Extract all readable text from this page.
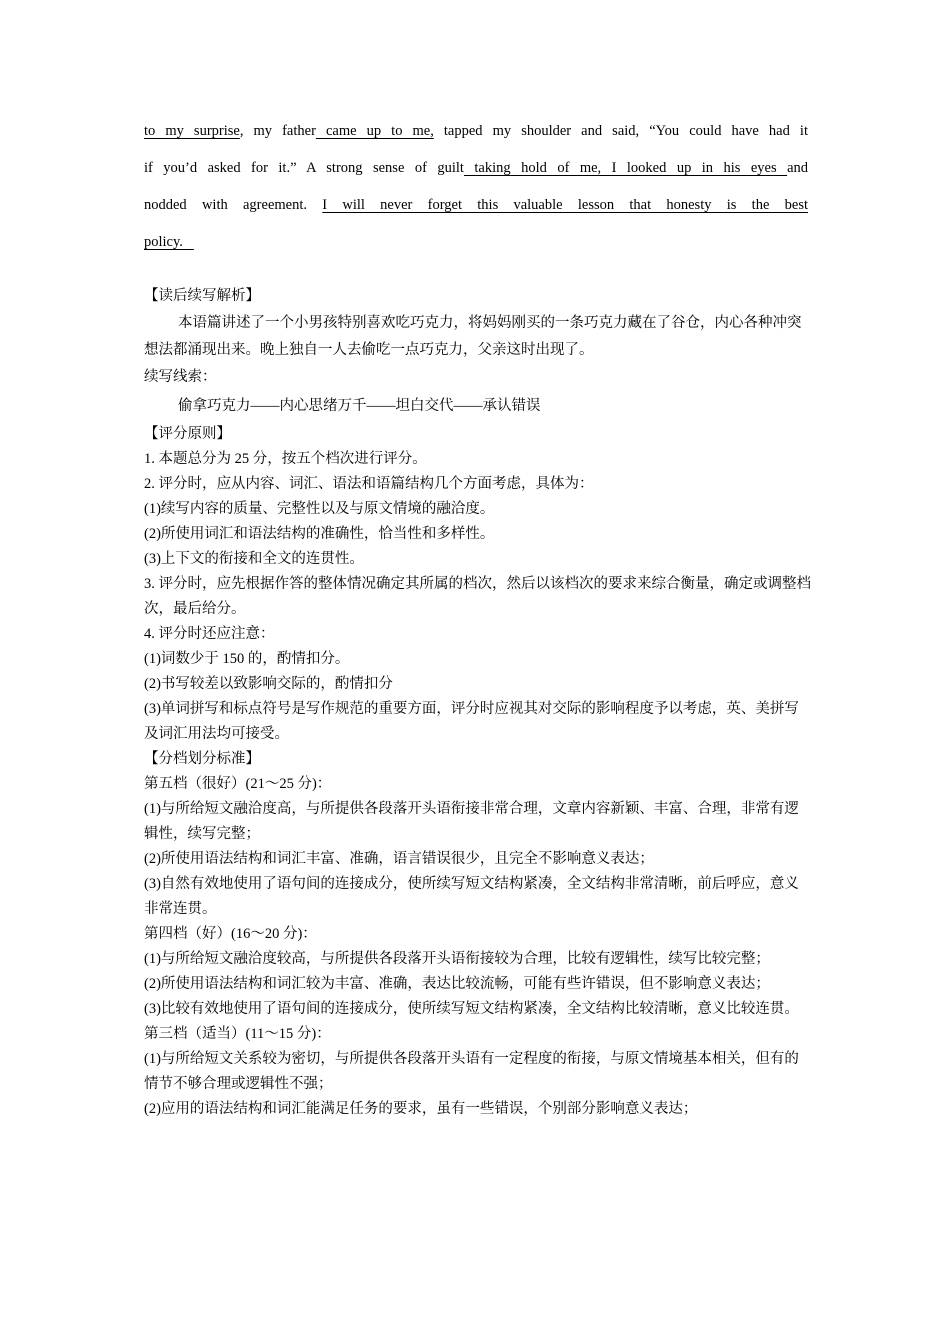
to my surprise, my father came up to me, tapped my shoulder and said, “You could have had it
if you’d asked for it.” A strong sense of guilt taking hold of me, I looked up in his eyes and
nodded with agreement. I will never forget this valuable lesson that honesty is the best
policy.

【读后续写解析】

本语篇讲述了一个小男孩特别喜欢吃巧克力，将妈妈刚买的一条巧克力藏在了谷仓，内心各种冲突想法都涌现出来。晚上独自一人去偷吃一点巧克力，父亲这时出现了。

续写线索：

偷拿巧克力——内心思绪万千——坦白交代——承认错误

【评分原则】

1. 本题总分为 25 分，按五个档次进行评分。

2. 评分时，应从内容、词汇、语法和语篇结构几个方面考虑，具体为：

(1)续写内容的质量、完整性以及与原文情境的融洽度。

(2)所使用词汇和语法结构的准确性，恰当性和多样性。

(3)上下文的衔接和全文的连贯性。

3. 评分时，应先根据作答的整体情况确定其所属的档次，然后以该档次的要求来综合衡量，确定或调整档次，最后给分。

4. 评分时还应注意：

(1)词数少于 150 的，酌情扣分。

(2)书写较差以致影响交际的，酌情扣分

(3)单词拼写和标点符号是写作规范的重要方面，评分时应视其对交际的影响程度予以考虑，英、美拼写及词汇用法均可接受。

【分档划分标准】

第五档（很好）(21～25 分)：

(1)与所给短文融洽度高，与所提供各段落开头语衔接非常合理，文章内容新颖、丰富、合理，非常有逻辑性，续写完整；

(2)所使用语法结构和词汇丰富、准确，语言错误很少，且完全不影响意义表达；

(3)自然有效地使用了语句间的连接成分，使所续写短文结构紧凑，全文结构非常清晰，前后呼应，意义非常连贯。

第四档（好）(16～20 分)：

(1)与所给短文融洽度较高，与所提供各段落开头语衔接较为合理，比较有逻辑性，续写比较完整；

(2)所使用语法结构和词汇较为丰富、准确，表达比较流畅，可能有些许错误，但不影响意义表达；

(3)比较有效地使用了语句间的连接成分，使所续写短文结构紧凑，全文结构比较清晰，意义比较连贯。

第三档（适当）(11～15 分)：

(1)与所给短文关系较为密切，与所提供各段落开头语有一定程度的衔接，与原文情境基本相关，但有的情节不够合理或逻辑性不强；

(2)应用的语法结构和词汇能满足任务的要求，虽有一些错误，个别部分影响意义表达；
